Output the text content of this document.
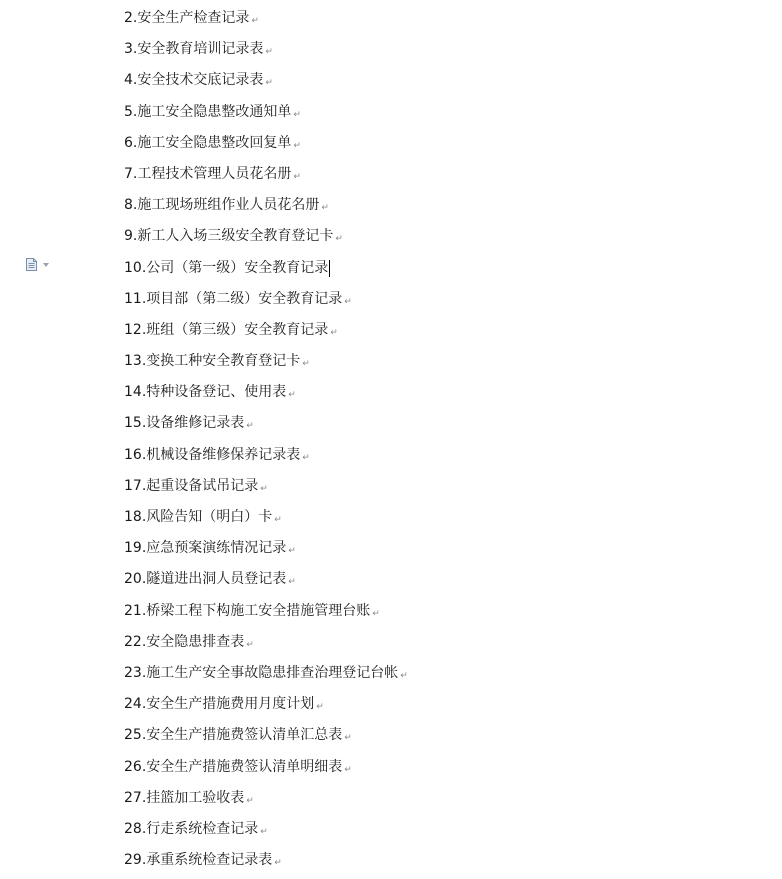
2.安全生产检查记录 ↵
3.安全教育培训记录表 ↵
4.安全技术交底记录表 ↵
5.施工安全隐患整改通知单 ↵
6.施工安全隐患整改回复单 ↵
7.工程技术管理人员花名册 ↵
8.施工现场班组作业人员花名册 ↵
9.新工人入场三级安全教育登记卡 ↵
10.公司（第一级）安全教育记录
11.项目部（第二级）安全教育记录 ↵
12.班组（第三级）安全教育记录 ↵
13.变换工种安全教育登记卡 ↵
14.特种设备登记、使用表 ↵
15.设备维修记录表 ↵
16.机械设备维修保养记录表 ↵
17.起重设备试吊记录 ↵
18.风险告知（明白）卡 ↵
19.应急预案演练情况记录 ↵
20.隧道进出洞人员登记表 ↵
21.桥梁工程下构施工安全措施管理台账 ↵
22.安全隐患排查表 ↵
23.施工生产安全事故隐患排查治理登记台帐 ↵
24.安全生产措施费用月度计划 ↵
25.安全生产措施费签认清单汇总表 ↵
26.安全生产措施费签认清单明细表 ↵
27.挂篮加工验收表 ↵
28.行走系统检查记录 ↵
29.承重系统检查记录表 ↵
